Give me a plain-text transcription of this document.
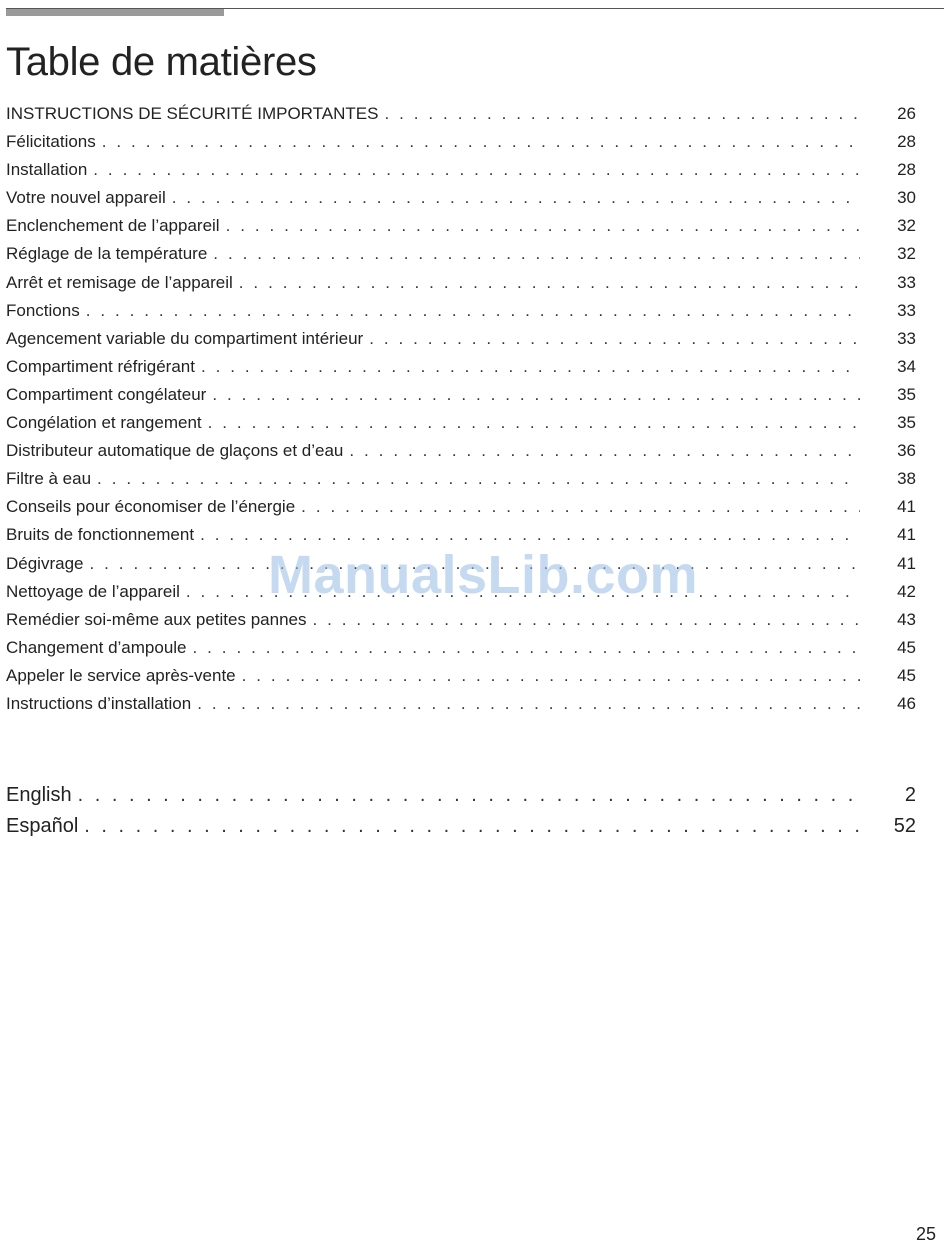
Table de matières
INSTRUCTIONS DE SÉCURITÉ IMPORTANTES . . .	26
Félicitations . . .	28
Installation . . .	28
Votre nouvel appareil . . .	30
Enclenchement de l’appareil . . .	32
Réglage de la température . . .	32
Arrêt et remisage de l’appareil . . .	33
Fonctions . . .	33
Agencement variable du compartiment intérieur . . .	33
Compartiment réfrigérant . . .	34
Compartiment congélateur . . .	35
Congélation et rangement . . .	35
Distributeur automatique de glaçons et d’eau . . .	36
Filtre à eau . . .	38
Conseils pour économiser de l’énergie . . .	41
Bruits de fonctionnement . . .	41
Dégivrage . . .	41
Nettoyage de l’appareil . . .	42
Remédier soi-même aux petites pannes . . .	43
Changement d’ampoule . . .	45
Appeler le service après-vente . . .	45
Instructions d’installation . . .	46
English . . .	2
Español . . .	52
ManualsLib.com
25
